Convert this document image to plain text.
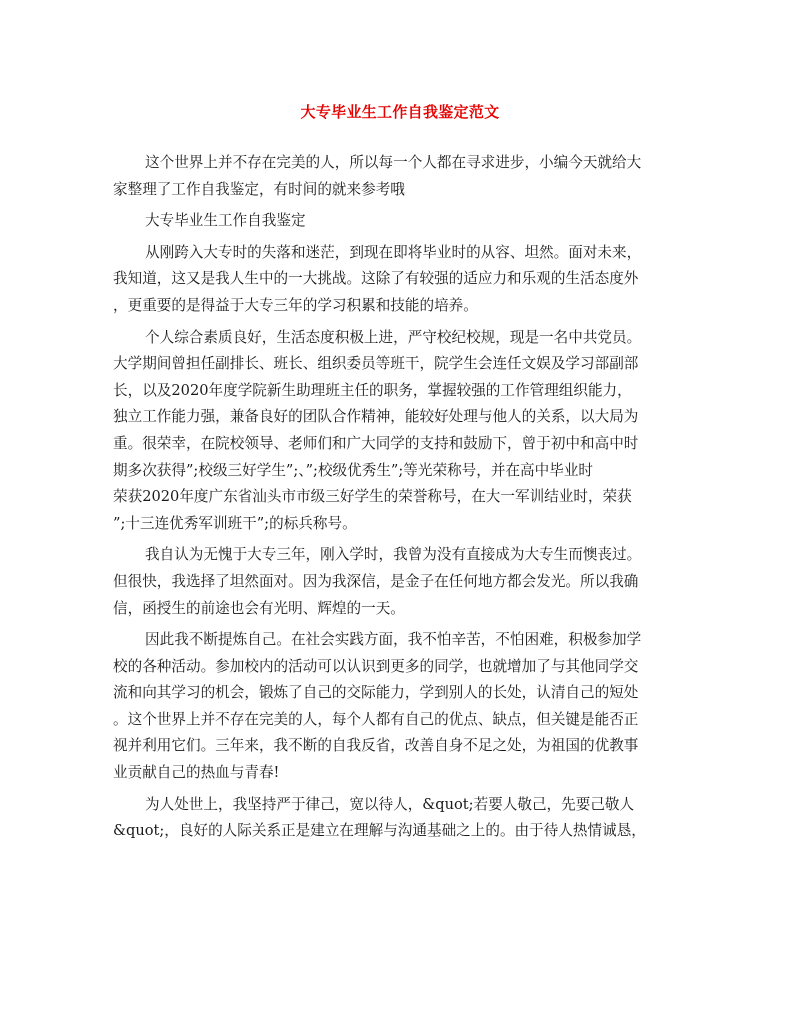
大专毕业生工作自我鉴定范文
这个世界上并不存在完美的人，所以每一个人都在寻求进步，小编今天就给大
家整理了工作自我鉴定，有时间的就来参考哦
大专毕业生工作自我鉴定
从刚跨入大专时的失落和迷茫，到现在即将毕业时的从容、坦然。面对未来，
我知道，这又是我人生中的一大挑战。这除了有较强的适应力和乐观的生活态度外
，更重要的是得益于大专三年的学习积累和技能的培养。
个人综合素质良好，生活态度积极上进，严守校纪校规，现是一名中共党员。
大学期间曾担任副排长、班长、组织委员等班干，院学生会连任文娱及学习部副部
长，以及2020年度学院新生助理班主任的职务，掌握较强的工作管理组织能力，
独立工作能力强，兼备良好的团队合作精神，能较好处理与他人的关系，以大局为
重。很荣幸，在院校领导、老师们和广大同学的支持和鼓励下，曾于初中和高中时
期多次获得”;校级三好学生”;、”;校级优秀生”;等光荣称号，并在高中毕业时
荣获2020年度广东省汕头市市级三好学生的荣誉称号，在大一军训结业时，荣获
”;十三连优秀军训班干”;的标兵称号。
我自认为无愧于大专三年，刚入学时，我曾为没有直接成为大专生而懊丧过。
但很快，我选择了坦然面对。因为我深信，是金子在任何地方都会发光。所以我确
信，函授生的前途也会有光明、辉煌的一天。
因此我不断提炼自己。在社会实践方面，我不怕辛苦，不怕困难，积极参加学
校的各种活动。参加校内的活动可以认识到更多的同学，也就增加了与其他同学交
流和向其学习的机会，锻炼了自己的交际能力，学到别人的长处，认清自己的短处
。这个世界上并不存在完美的人，每个人都有自己的优点、缺点，但关键是能否正
视并利用它们。三年来，我不断的自我反省，改善自身不足之处，为祖国的优教事
业贡献自己的热血与青春!
为人处世上，我坚持严于律己，宽以待人，&quot;若要人敬己，先要己敬人
&quot;，良好的人际关系正是建立在理解与沟通基础之上的。由于待人热情诚恳，
